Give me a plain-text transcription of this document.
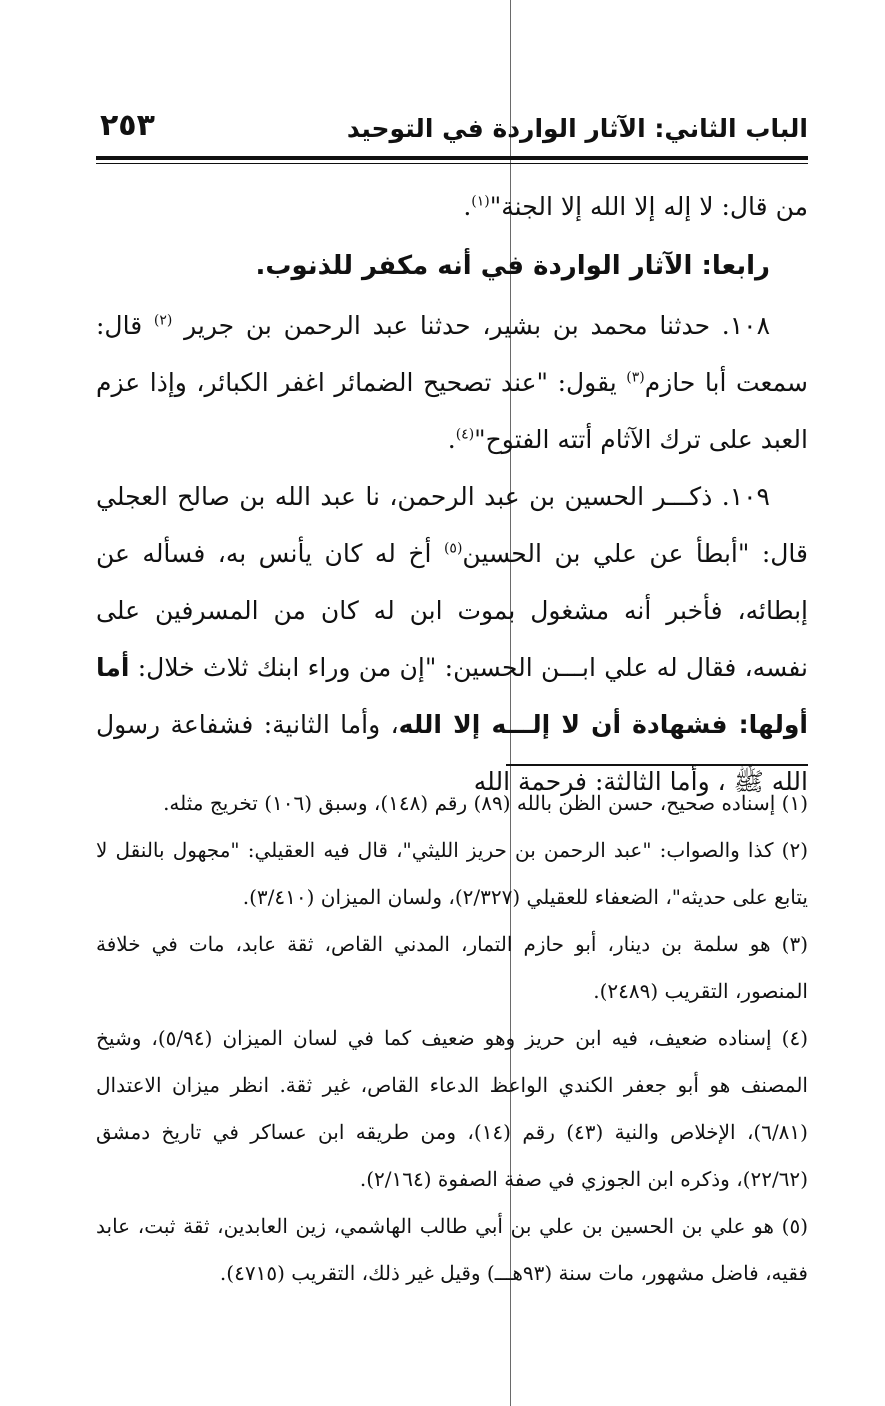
الباب الثاني: الآثار الواردة في التوحيد
٢٥٣

من قال: لا إله إلا الله إلا الجنة"$^{(١)}$.

رابعا: الآثار الواردة في أنه مكفر للذنوب.

١٠٨. حدثنا محمد بن بشير، حدثنا عبد الرحمن بن جرير $^{(٢)}$ قال: سمعت أبا حازم$^{(٣)}$ يقول: "عند تصحيح الضمائر اغفر الكبائر، وإذا عزم العبد على ترك الآثام أتته الفتوح"$^{(٤)}$.

١٠٩. ذكـــر الحسين بن عبد الرحمن، نا عبد الله بن صالح العجلي قال: "أبطأ عن علي بن الحسين$^{(٥)}$ أخ له كان يأنس به، فسأله عن إبطائه، فأخبر أنه مشغول بموت ابن له كان من المسرفين على نفسه، فقال له علي ابـــن الحسين: "إن من وراء ابنك ثلاث خلال: أما أولها: فشهادة أن لا إلـــه إلا الله، وأما الثانية: فشفاعة رسول الله ﷺ ، وأما الثالثة: فرحمة الله

(١) إسناده صحيح، حسن الظن بالله (٨٩) رقم (١٤٨)، وسبق (١٠٦) تخريج مثله.

(٢) كذا والصواب: "عبد الرحمن بن حريز الليثي"، قال فيه العقيلي: "مجهول بالنقل لا يتابع على حديثه"، الضعفاء للعقيلي (٢/٣٢٧)، ولسان الميزان (٣/٤١٠).

(٣) هو سلمة بن دينار، أبو حازم التمار، المدني القاص، ثقة عابد، مات في خلافة المنصور، التقريب (٢٤٨٩).

(٤) إسناده ضعيف، فيه ابن حريز وهو ضعيف كما في لسان الميزان (٥/٩٤)، وشيخ المصنف هو أبو جعفر الكندي الواعظ الدعاء القاص، غير ثقة. انظر ميزان الاعتدال (٦/٨١)، الإخلاص والنية (٤٣) رقم (١٤)، ومن طريقه ابن عساكر في تاريخ دمشق (٢٢/٦٢)، وذكره ابن الجوزي في صفة الصفوة (٢/١٦٤).

(٥) هو علي بن الحسين بن علي بن أبي طالب الهاشمي، زين العابدين، ثقة ثبت، عابد فقيه، فاضل مشهور، مات سنة (٩٣هـــ) وقيل غير ذلك، التقريب (٤٧١٥).
